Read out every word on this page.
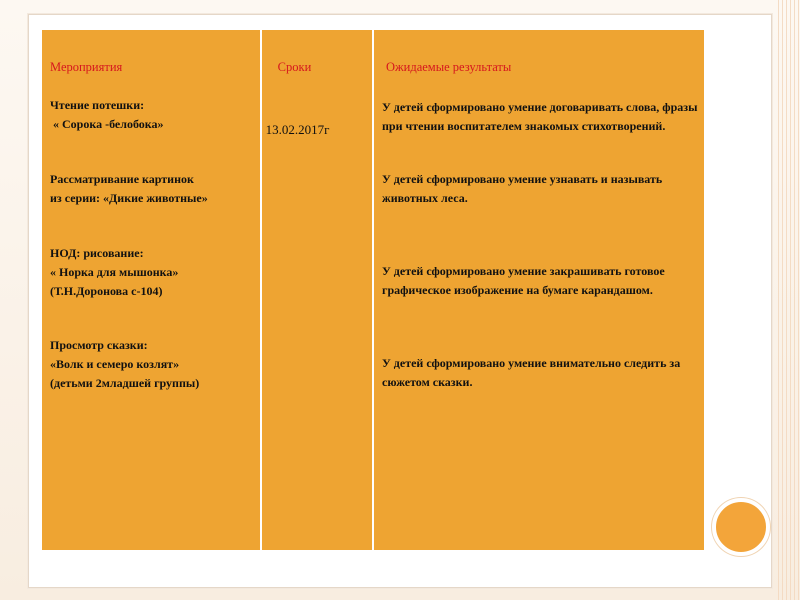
Мероприятия
Чтение потешки:
« Сорока -белобока»
Рассматривание картинок
из серии: «Дикие животные»
НОД: рисование:
« Норка для мышонка»
(Т.Н.Доронова с-104)
Просмотр сказки:
«Волк и семеро козлят»
(детьми 2младшей группы)
Сроки
13.02.2017г
Ожидаемые результаты
У детей сформировано умение договаривать слова, фразы при чтении воспитателем знакомых стихотворений.
У детей сформировано умение узнавать и называть животных леса.
У детей сформировано умение закрашивать готовое графическое изображение на бумаге карандашом.
У детей сформировано умение внимательно следить за сюжетом сказки.
